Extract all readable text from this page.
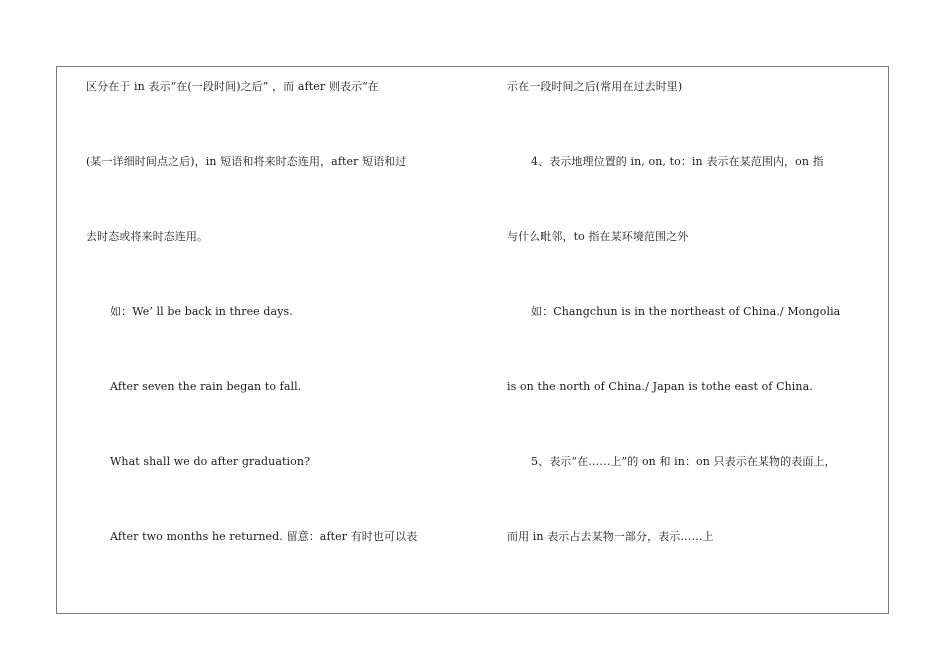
区分在于 in 表示“在(一段时间)之后” ，而 after 则表示“在
(某一详细时间点之后)，in 短语和将来时态连用，after 短语和过
去时态或将来时态连用。
如：We’ ll be back in three days.
After seven the rain began to fall.
What shall we do after graduation?
After two months he returned. 留意：after 有时也可以表
示在一段时间之后(常用在过去时里)
4、表示地理位置的 in, on, to：in 表示在某范围内，on 指
与什么毗邻，to 指在某环境范围之外
如：Changchun is in the northeast of China./ Mongolia
is on the north of China./ Japan is tothe east of China.
5、表示“在……上”的 on 和 in：on 只表示在某物的表面上，
而用 in 表示占去某物一部分，表示……上
